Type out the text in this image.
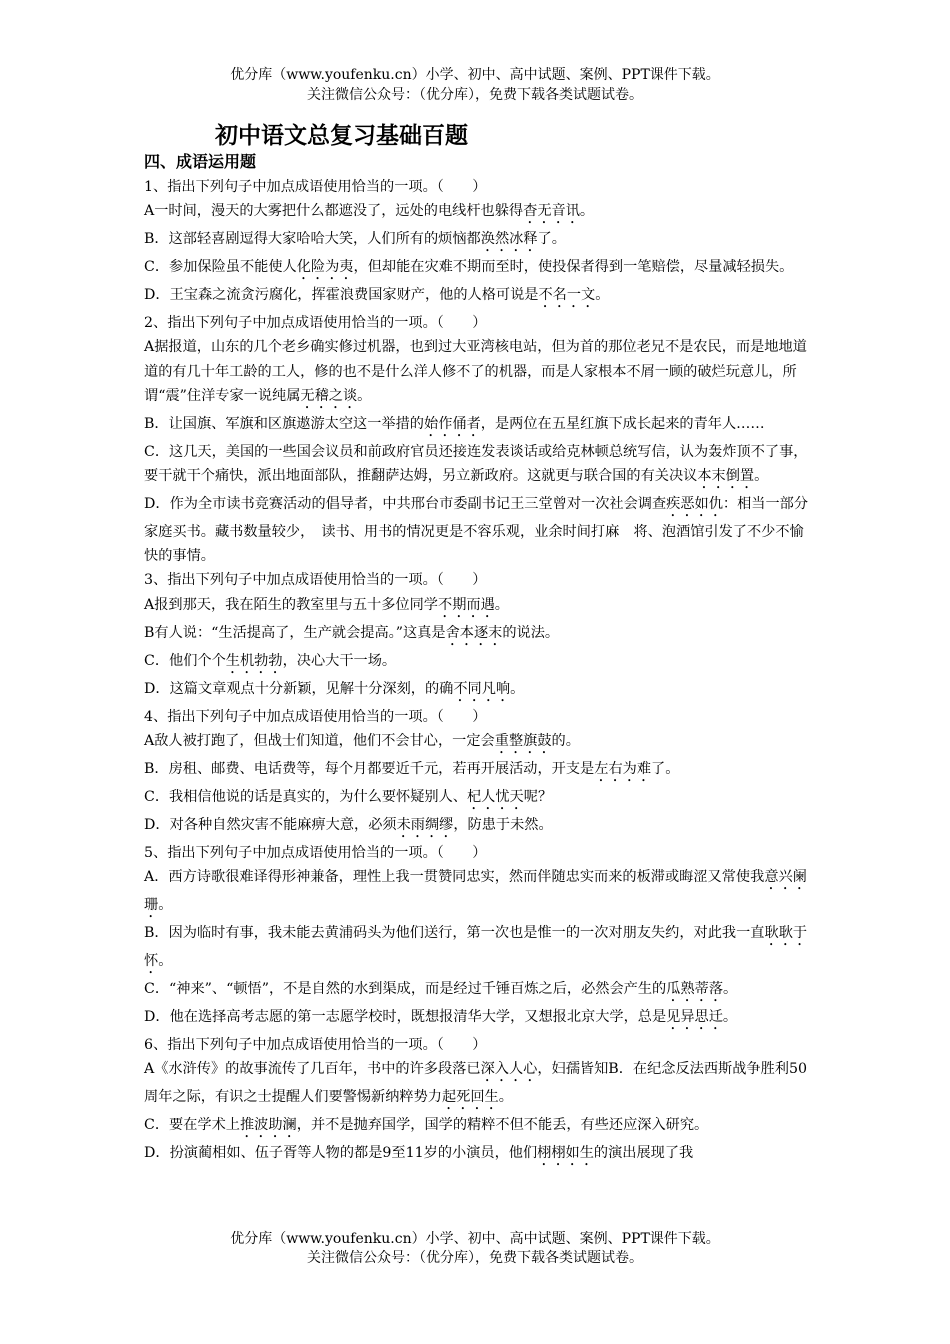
优分库（www.youfenku.cn）小学、初中、高中试题、案例、PPT课件下载。
关注微信公众号：（优分库），免费下载各类试题试卷。
初中语文总复习基础百题
四、成语运用题

1、指出下列句子中加点成语使用恰当的一项。（　　）

A一时间，漫天的大雾把什么都遮没了，远处的电线杆也躲得杳无音讯。

B．这部轻喜剧逗得大家哈哈大笑，人们所有的烦恼都涣然冰释了。

C．参加保险虽不能使人化险为夷，但却能在灾难不期而至时，使投保者得到一笔赔偿，尽量减轻损失。

D．王宝森之流贪污腐化，挥霍浪费国家财产，他的人格可说是不名一文。

2、指出下列句子中加点成语使用恰当的一项。（　　）

A据报道，山东的几个老乡确实修过机器，也到过大亚湾核电站，但为首的那位老兄不是农民，而是地地道道的有几十年工龄的工人，修的也不是什么洋人修不了的机器，而是人家根本不屑一顾的破烂玩意儿，所谓“震”住洋专家一说纯属无稽之谈。

B．让国旗、军旗和区旗遨游太空这一举措的始作俑者，是两位在五星红旗下成长起来的青年人……

C．这几天，美国的一些国会议员和前政府官员还接连发表谈话或给克林顿总统写信，认为轰炸顶不了事，要干就干个痛快，派出地面部队，推翻萨达姆，另立新政府。这就更与联合国的有关决议本末倒置。

D．作为全市读书竞赛活动的倡导者，中共邢台市委副书记王三堂曾对一次社会调查疾恶如仇：相当一部分家庭买书。藏书数量较少，　读书、用书的情况更是不容乐观，业余时间打麻　将、泡酒馆引发了不少不愉快的事情。

3、指出下列句子中加点成语使用恰当的一项。（　　）

A报到那天，我在陌生的教室里与五十多位同学不期而遇。

B有人说：“生活提高了，生产就会提高。”这真是舍本逐末的说法。

C．他们个个生机勃勃，决心大干一场。

D．这篇文章观点十分新颖，见解十分深刻，的确不同凡响。

4、指出下列句子中加点成语使用恰当的一项。（　　）

A敌人被打跑了，但战士们知道，他们不会甘心，一定会重整旗鼓的。

B．房租、邮费、电话费等，每个月都要近千元，若再开展活动，开支是左右为难了。

C．我相信他说的话是真实的，为什么要怀疑别人、杞人忧天呢？

D．对各种自然灾害不能麻痹大意，必须未雨绸缪，防患于未然。

5、指出下列句子中加点成语使用恰当的一项。（　　）

A．西方诗歌很难译得形神兼备，理性上我一贯赞同忠实，然而伴随忠实而来的板滞或晦涩又常使我意兴阑珊。

B．因为临时有事，我未能去黄浦码头为他们送行，第一次也是惟一的一次对朋友失约，对此我一直耿耿于怀。

C．“神来”、“顿悟”，不是自然的水到渠成，而是经过千锤百炼之后，必然会产生的瓜熟蒂落。

D．他在选择高考志愿的第一志愿学校时，既想报清华大学，又想报北京大学，总是见异思迁。

6、指出下列句子中加点成语使用恰当的一项。（　　）

A《水浒传》的故事流传了几百年，书中的许多段落已深入人心，妇孺皆知B．在纪念反法西斯战争胜利50周年之际，有识之士提醒人们要警惕新纳粹势力起死回生。

C．要在学术上推波助澜，并不是抛弃国学，国学的精粹不但不能丢，有些还应深入研究。

D．扮演蔺相如、伍子胥等人物的都是9至11岁的小演员，他们栩栩如生的演出展现了我

优分库（www.youfenku.cn）小学、初中、高中试题、案例、PPT课件下载。
关注微信公众号：（优分库），免费下载各类试题试卷。
